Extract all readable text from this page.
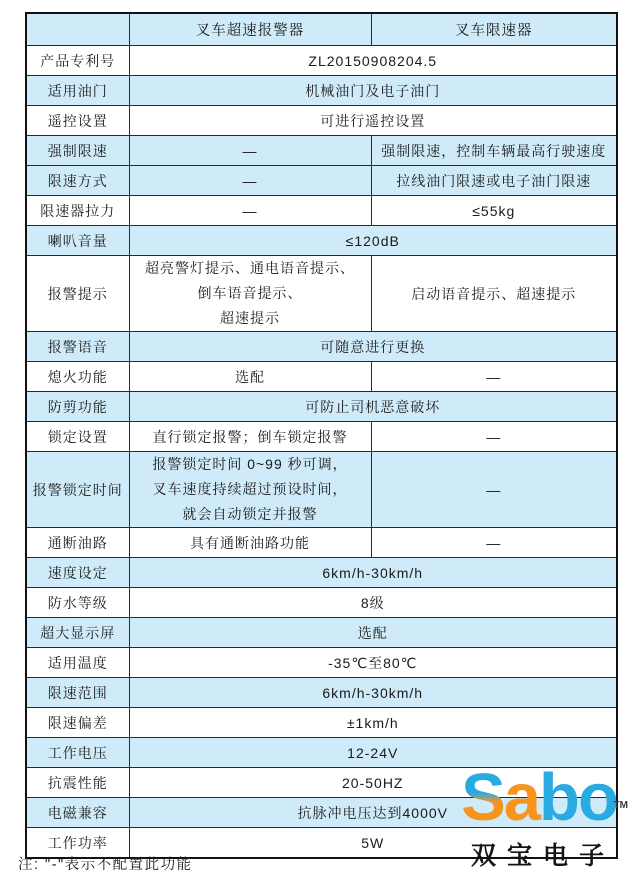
	叉车超速报警器	叉车限速器
产品专利号	ZL20150908204.5	
适用油门	机械油门及电子油门	
遥控设置	可进行遥控设置	
强制限速	—	强制限速，控制车辆最高行驶速度
限速方式	—	拉线油门限速或电子油门限速
限速器拉力	—	≤55kg
喇叭音量	≤120dB	
报警提示	超亮警灯提示、通电语音提示、
倒车语音提示、
超速提示	启动语音提示、超速提示
报警语音	可随意进行更换	
熄火功能	选配	—
防剪功能	可防止司机恶意破坏	
锁定设置	直行锁定报警；倒车锁定报警	—
报警锁定时间	报警锁定时间 0~99 秒可调，
叉车速度持续超过预设时间，
就会自动锁定并报警	—
通断油路	具有通断油路功能	—
速度设定	6km/h-30km/h	
防水等级	8级	
超大显示屏	选配	
适用温度	-35℃至80℃	
限速范围	6km/h-30km/h	
限速偏差	±1km/h	
工作电压	12-24V	
抗震性能	20-50HZ	
电磁兼容	抗脉冲电压达到4000V	
工作功率	5W	
注: "-"表示不配置此功能
Sabo
TM
双宝电子
